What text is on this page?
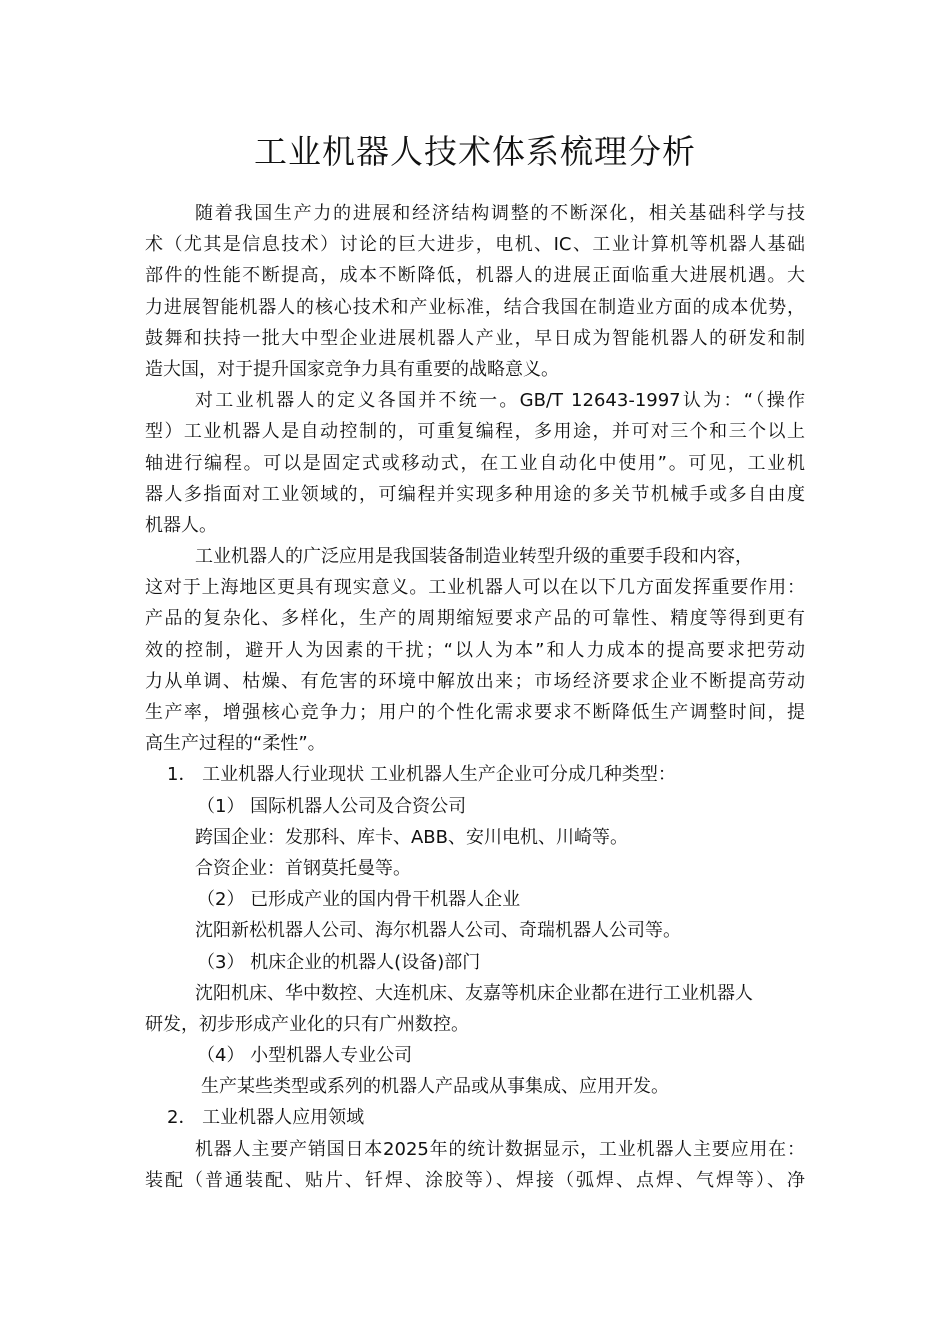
工业机器人技术体系梳理分析
随着我国生产力的进展和经济结构调整的不断深化，相关基础科学与技
术（尤其是信息技术）讨论的巨大进步，电机、IC、工业计算机等机器人基础
部件的性能不断提高，成本不断降低，机器人的进展正面临重大进展机遇。大
力进展智能机器人的核心技术和产业标准，结合我国在制造业方面的成本优势，
鼓舞和扶持一批大中型企业进展机器人产业，早日成为智能机器人的研发和制
造大国，对于提升国家竞争力具有重要的战略意义。
对工业机器人的定义各国并不统一。GB/T 12643-1997认为：“（操作
型）工业机器人是自动控制的，可重复编程，多用途，并可对三个和三个以上
轴进行编程。可以是固定式或移动式，在工业自动化中使用”。可见，工业机
器人多指面对工业领域的，可编程并实现多种用途的多关节机械手或多自由度
机器人。
工业机器人的广泛应用是我国装备制造业转型升级的重要手段和内容，
这对于上海地区更具有现实意义。工业机器人可以在以下几方面发挥重要作用：
产品的复杂化、多样化，生产的周期缩短要求产品的可靠性、精度等得到更有
效的控制，避开人为因素的干扰；“以人为本”和人力成本的提高要求把劳动
力从单调、枯燥、有危害的环境中解放出来；市场经济要求企业不断提高劳动
生产率，增强核心竞争力；用户的个性化需求要求不断降低生产调整时间，提
高生产过程的“柔性”。
1． 工业机器人行业现状 工业机器人生产企业可分成几种类型：
（1） 国际机器人公司及合资公司
跨国企业：发那科、库卡、ABB、安川电机、川崎等。
合资企业：首钢莫托曼等。
（2） 已形成产业的国内骨干机器人企业
沈阳新松机器人公司、海尔机器人公司、奇瑞机器人公司等。
（3） 机床企业的机器人(设备)部门
沈阳机床、华中数控、大连机床、友嘉等机床企业都在进行工业机器人
研发，初步形成产业化的只有广州数控。
（4） 小型机器人专业公司
生产某些类型或系列的机器人产品或从事集成、应用开发。
2． 工业机器人应用领域
机器人主要产销国日本2025年的统计数据显示，工业机器人主要应用在：
装配（普通装配、贴片、钎焊、涂胶等）、焊接（弧焊、点焊、气焊等）、净
